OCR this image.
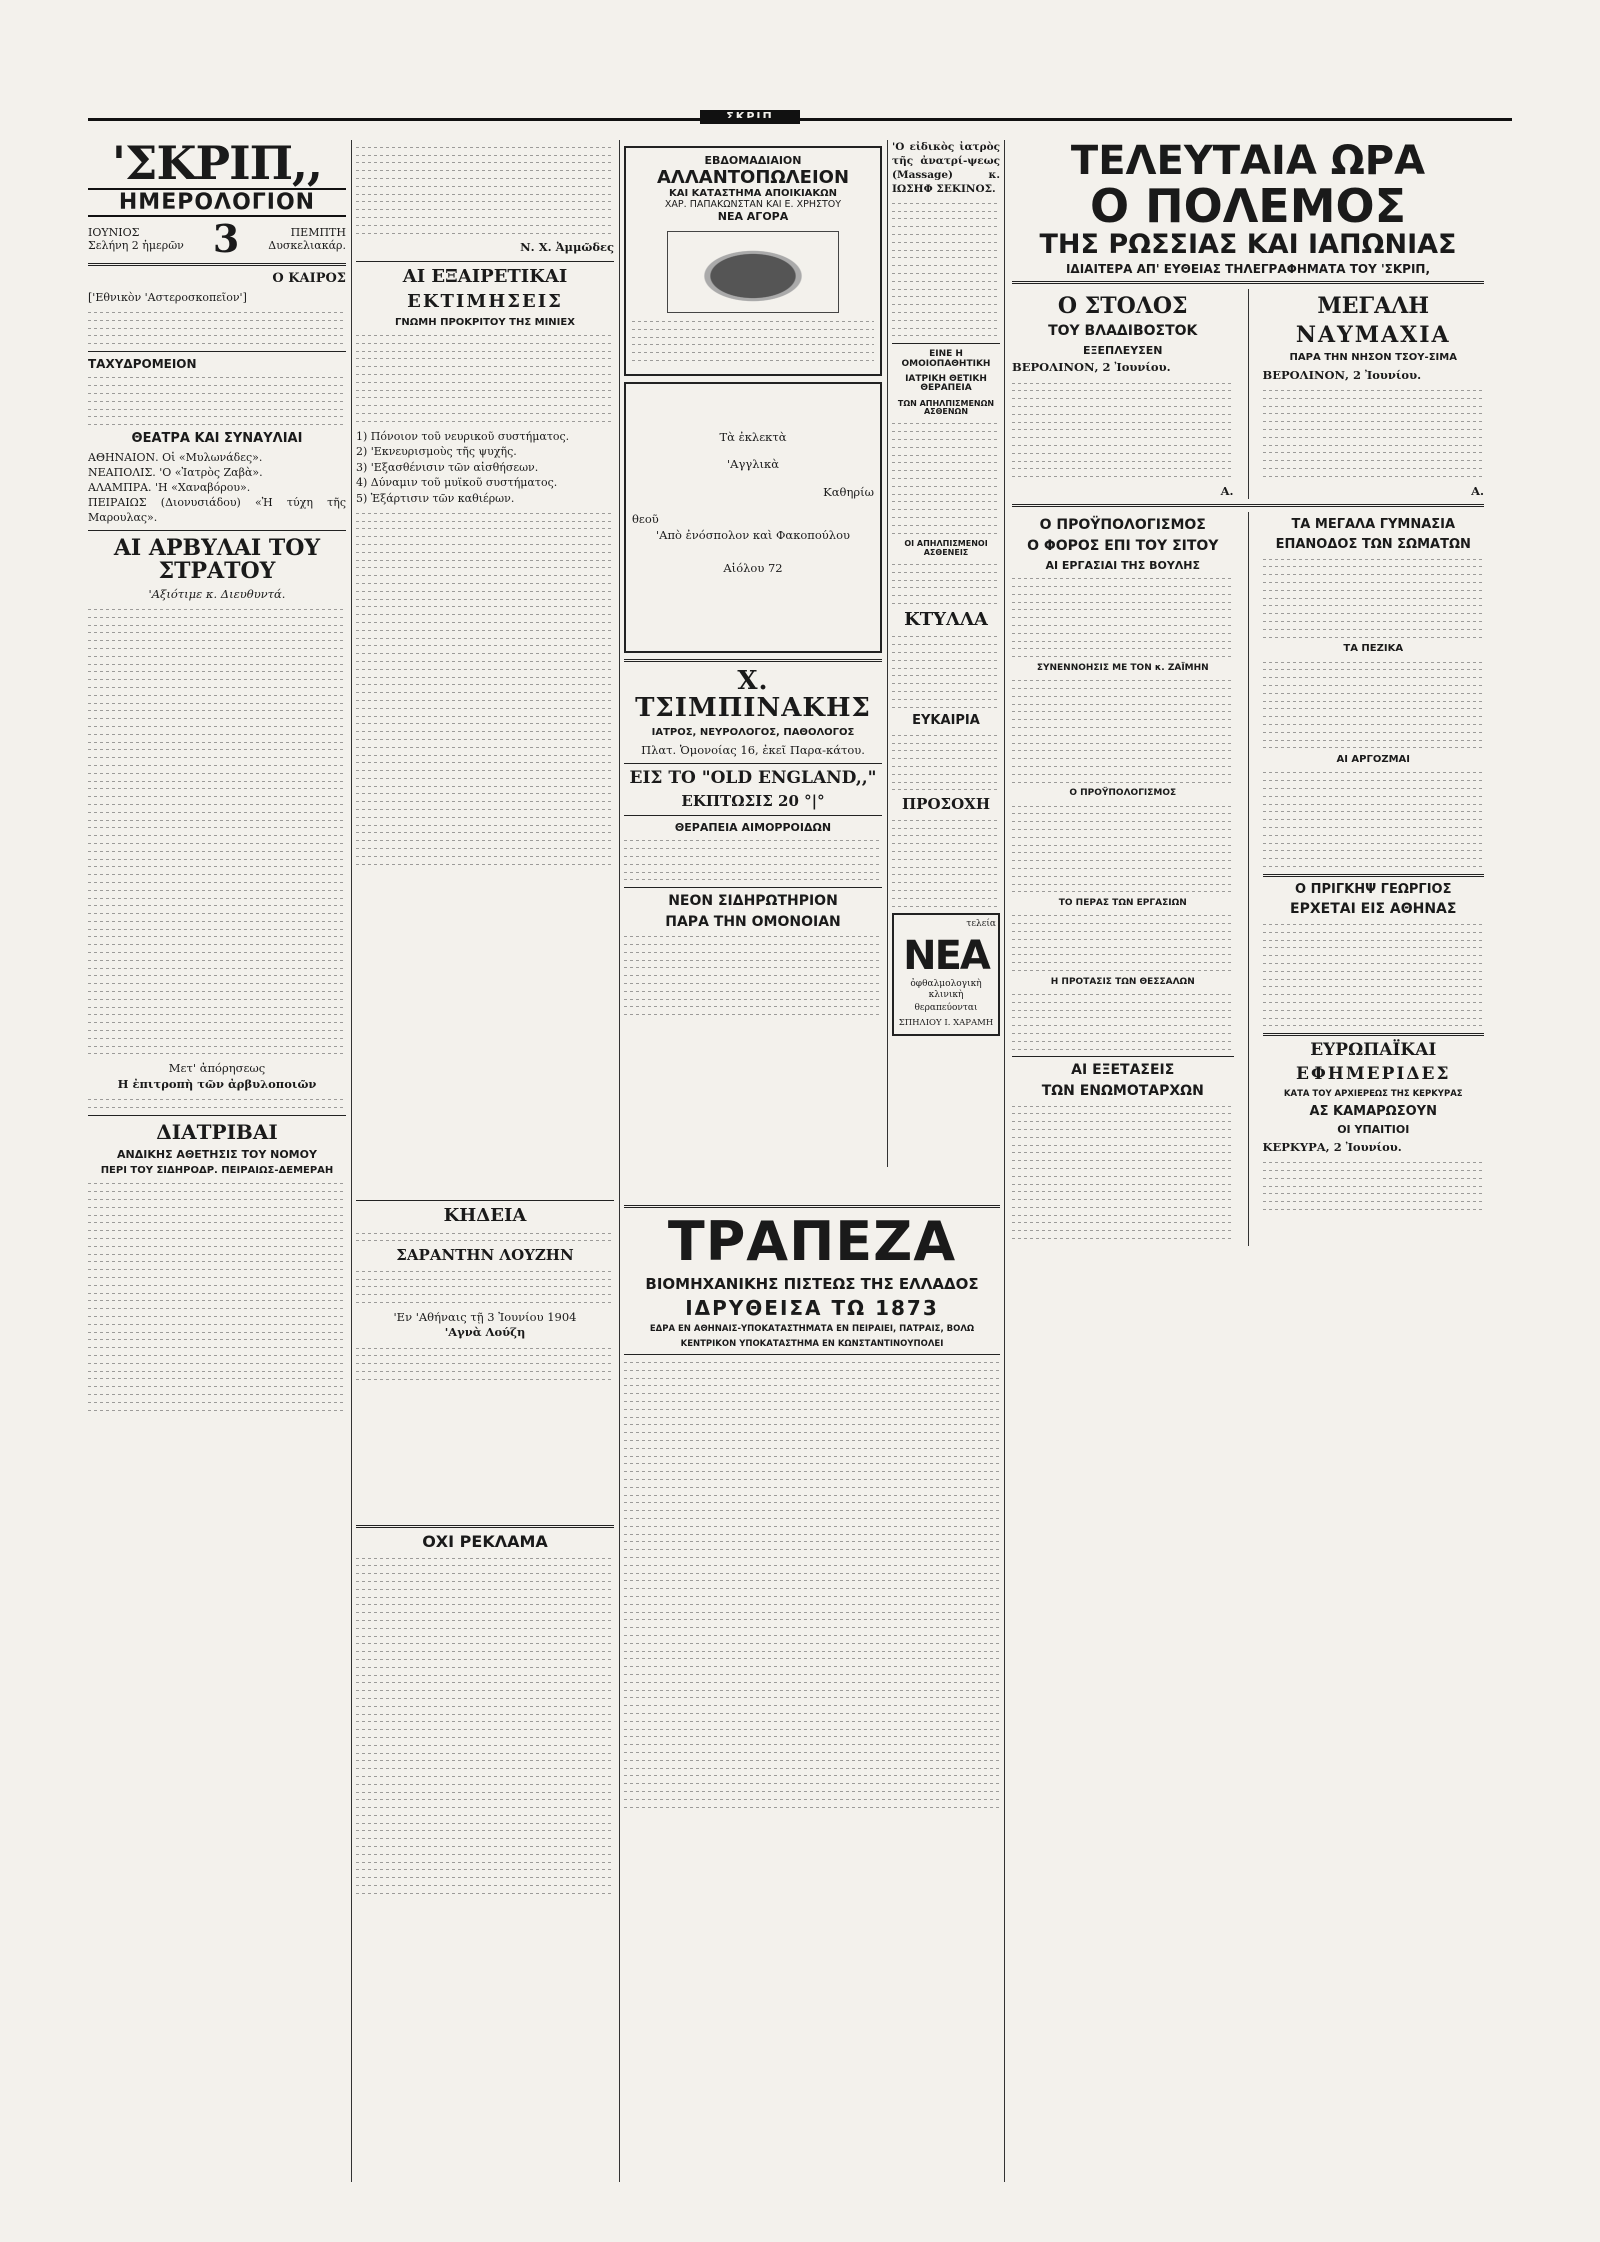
ΣΚΡΙΠ
'ΣΚΡΙΠ,,
ΗΜΕΡΟΛΟΓΙΟΝ
ΙΟΥΝΙΟΣ
Σελήνη 2 ἡμερῶν 3	ΠΕΜΠΤΗ
Δυσκελιακάρ.
Ο ΚΑΙΡΟΣ
['Εθνικὸν 'Αστεροσκοπεῖον']
ΤΑΧΥΔΡΟΜΕΙΟΝ
ΘΕΑΤΡΑ ΚΑΙ ΣΥΝΑΥΛΙΑΙ
ΑΘΗΝΑΙΟΝ. Οἱ «Μυλωνάδες».
ΝΕΑΠΟΛΙΣ. 'Ο «Ἰατρὸς Ζαβὰ».
ΑΛΑΜΠΡΑ. 'Η «Χαναβόρου».
ΠΕΙΡΑΙΩΣ (Διονυσιάδου) «Ἡ τύχη τῆς Μαρουλας».
ΑΙ ΑΡΒΥΛΑΙ ΤΟΥ ΣΤΡΑΤΟΥ
'Αξιότιμε κ. Διευθυντά.
Μετ' ἀπόρησεως
Η ἐπιτροπὴ τῶν ἀρβυλοποιῶν
ΔΙΑΤΡΙΒΑΙ
ΑΝΔΙΚΗΣ ΑΘΕΤΗΣΙΣ ΤΟΥ ΝΟΜΟΥ
ΠΕΡΙ ΤΟΥ ΣΙΔΗΡΟΔΡ. ΠΕΙΡΑΙΩΣ-ΔΕΜΕΡΑΗ
Ν. Χ. Ἀμμῶδες
ΑΙ ΕΞΑΙΡΕΤΙΚΑΙ
ΕΚΤΙΜΗΣΕΙΣ
ΓΝΩΜΗ ΠΡΟΚΡΙΤΟΥ ΤΗΣ ΜΙΝΙΕΧ
1) Πόνοιον τοῦ νευρικοῦ συστήματος.
2) 'Εκνευρισμοὺς τῆς ψυχῆς.
3) 'Εξασθένισιν τῶν αἰσθήσεων.
4) Δύναμιν τοῦ μυϊκοῦ συστήματος.
5) Ἐξάρτισιν τῶν καθιέρων.
ΚΗΔΕΙΑ
ΣΑΡΑΝΤΗΝ ΛΟΥΖΗΝ
'Εν 'Αθήναις τῇ 3 Ἰουνίου 1904
'Αγνὰ Λούζη
ΕΒΔΟΜΑΔΙΑΙΟΝ
ΑΛΛΑΝΤΟΠΩΛΕΙΟΝ
ΚΑΙ ΚΑΤΑΣΤΗΜΑ ΑΠΟΙΚΙΑΚΩΝ
ΧΑΡ. ΠΑΠΑΚΩΝΣΤΑΝ ΚΑΙ Ε. ΧΡΗΣΤΟΥ
ΝΕΑ ΑΓΟΡΑ
Τὰ ἐκλεκτὰ
'Αγγλικὰ
Καθηρίω
θεοῦ
'Απὸ ἐνόσπολον καὶ Φακοπούλου
Αἰόλου 72
Χ. ΤΣΙΜΠΙΝΑΚΗΣ
ΙΑΤΡΟΣ, ΝΕΥΡΟΛΟΓΟΣ, ΠΑΘΟΛΟΓΟΣ
Πλατ. Ὁμονοίας 16, ἐκεῖ Παρα-κάτου.
ΕΙΣ ΤΟ "OLD ENGLAND,,"
ΕΚΠΤΩΣΙΣ 20 °|°
ΘΕΡΑΠΕΙΑ ΑΙΜΟΡΡΟΙΔΩΝ
ΝΕΟΝ ΣΙΔΗΡΩΤΗΡΙΟΝ
ΠΑΡΑ ΤΗΝ ΟΜΟΝΟΙΑΝ
ΤΕΛΕΥΤΑΙΑ ΩΡΑ
Ο ΠΟΛΕΜΟΣ
ΤΗΣ ΡΩΣΣΙΑΣ ΚΑΙ ΙΑΠΩΝΙΑΣ
ΙΔΙΑΙΤΕΡΑ ΑΠ' ΕΥΘΕΙΑΣ ΤΗΛΕΓΡΑΦΗΜΑΤΑ ΤΟΥ 'ΣΚΡΙΠ,
Ο ΣΤΟΛΟΣ
ΤΟΥ ΒΛΑΔΙΒΟΣΤΟΚ
ΕΞΕΠΛΕΥΣΕΝ
ΒΕΡΟΛΙΝΟΝ, 2 Ἰουνίου.
Α.
ΜΕΓΑΛΗ
ΝΑΥΜΑΧΙΑ
ΠΑΡΑ ΤΗΝ ΝΗΣΟΝ ΤΣΟΥ-ΣΙΜΑ
ΒΕΡΟΛΙΝΟΝ, 2 Ἰουνίου.
Α.
Ο ΠΡΟΫΠΟΛΟΓΙΣΜΟΣ
Ο ΦΟΡΟΣ ΕΠΙ ΤΟΥ ΣΙΤΟΥ
ΑΙ ΕΡΓΑΣΙΑΙ ΤΗΣ ΒΟΥΛΗΣ
ΣΥΝΕΝΝΟΗΣΙΣ ΜΕ ΤΟΝ κ. ΖΑΪΜΗΝ
Ο ΠΡΟΫΠΟΛΟΓΙΣΜΟΣ
ΤΟ ΠΕΡΑΣ ΤΩΝ ΕΡΓΑΣΙΩΝ
Η ΠΡΟΤΑΣΙΣ ΤΩΝ ΘΕΣΣΑΛΩΝ
ΑΙ ΕΞΕΤΑΣΕΙΣ
ΤΩΝ ΕΝΩΜΟΤΑΡΧΩΝ
ΤΑ ΜΕΓΑΛΑ ΓΥΜΝΑΣΙΑ
ΕΠΑΝΟΔΟΣ ΤΩΝ ΣΩΜΑΤΩΝ
ΤΑ ΠΕΖΙΚΑ
ΑΙ ΑΡΓΟΖΜΑΙ
Ο ΠΡΙΓΚΗΨ ΓΕΩΡΓΙΟΣ
ΕΡΧΕΤΑΙ ΕΙΣ ΑΘΗΝΑΣ
ΕΥΡΩΠΑΪΚΑΙ
ΕΦΗΜΕΡΙΔΕΣ
ΚΑΤΑ ΤΟΥ ΑΡΧΙΕΡΕΩΣ ΤΗΣ ΚΕΡΚΥΡΑΣ
ΑΣ ΚΑΜΑΡΩΣΟΥΝ
ΟΙ ΥΠΑΙΤΙΟΙ
ΚΕΡΚΥΡΑ, 2 Ἰουνίου.
'Ο εἰδικὸς ἰατρὸς τῆς ἀνατρί-ψεως (Massage) κ. ΙΩΣΗΦ ΣΕΚΙΝΟΣ.
ΕΙΝΕ Η ΟΜΟΙΟΠΑΘΗΤΙΚΗ
ΙΑΤΡΙΚΗ ΘΕΤΙΚΗ ΘΕΡΑΠΕΙΑ
ΤΩΝ ΑΠΗΛΠΙΣΜΕΝΩΝ ΑΣΘΕΝΩΝ
ΟΙ ΑΠΗΛΠΙΣΜΕΝΟΙ ΑΣΘΕΝΕΙΣ
ΚΤΥΛΛΑ
ΕΥΚΑΙΡΙΑ
ΠΡΟΣΟΧΗ
τελεία
ΝΕΑ
ὀφθαλμολογικὴ κλινικὴ
θεραπεύονται
ΣΠΗΛΙΟΥ Ι. ΧΑΡΑΜΗ
ΤΡΑΠΕΖΑ
ΒΙΟΜΗΧΑΝΙΚΗΣ ΠΙΣΤΕΩΣ ΤΗΣ ΕΛΛΑΔΟΣ
ΙΔΡΥΘΕΙΣΑ ΤΩ 1873
ΕΔΡΑ ΕΝ ΑΘΗΝΑΙΣ-ΥΠΟΚΑΤΑΣΤΗΜΑΤΑ ΕΝ ΠΕΙΡΑΙΕΙ, ΠΑΤΡΑΙΣ, ΒΟΛΩ
ΚΕΝΤΡΙΚΟΝ ΥΠΟΚΑΤΑΣΤΗΜΑ ΕΝ ΚΩΝΣΤΑΝΤΙΝΟΥΠΟΛΕΙ
ΟΧΙ ΡΕΚΛΑΜΑ
